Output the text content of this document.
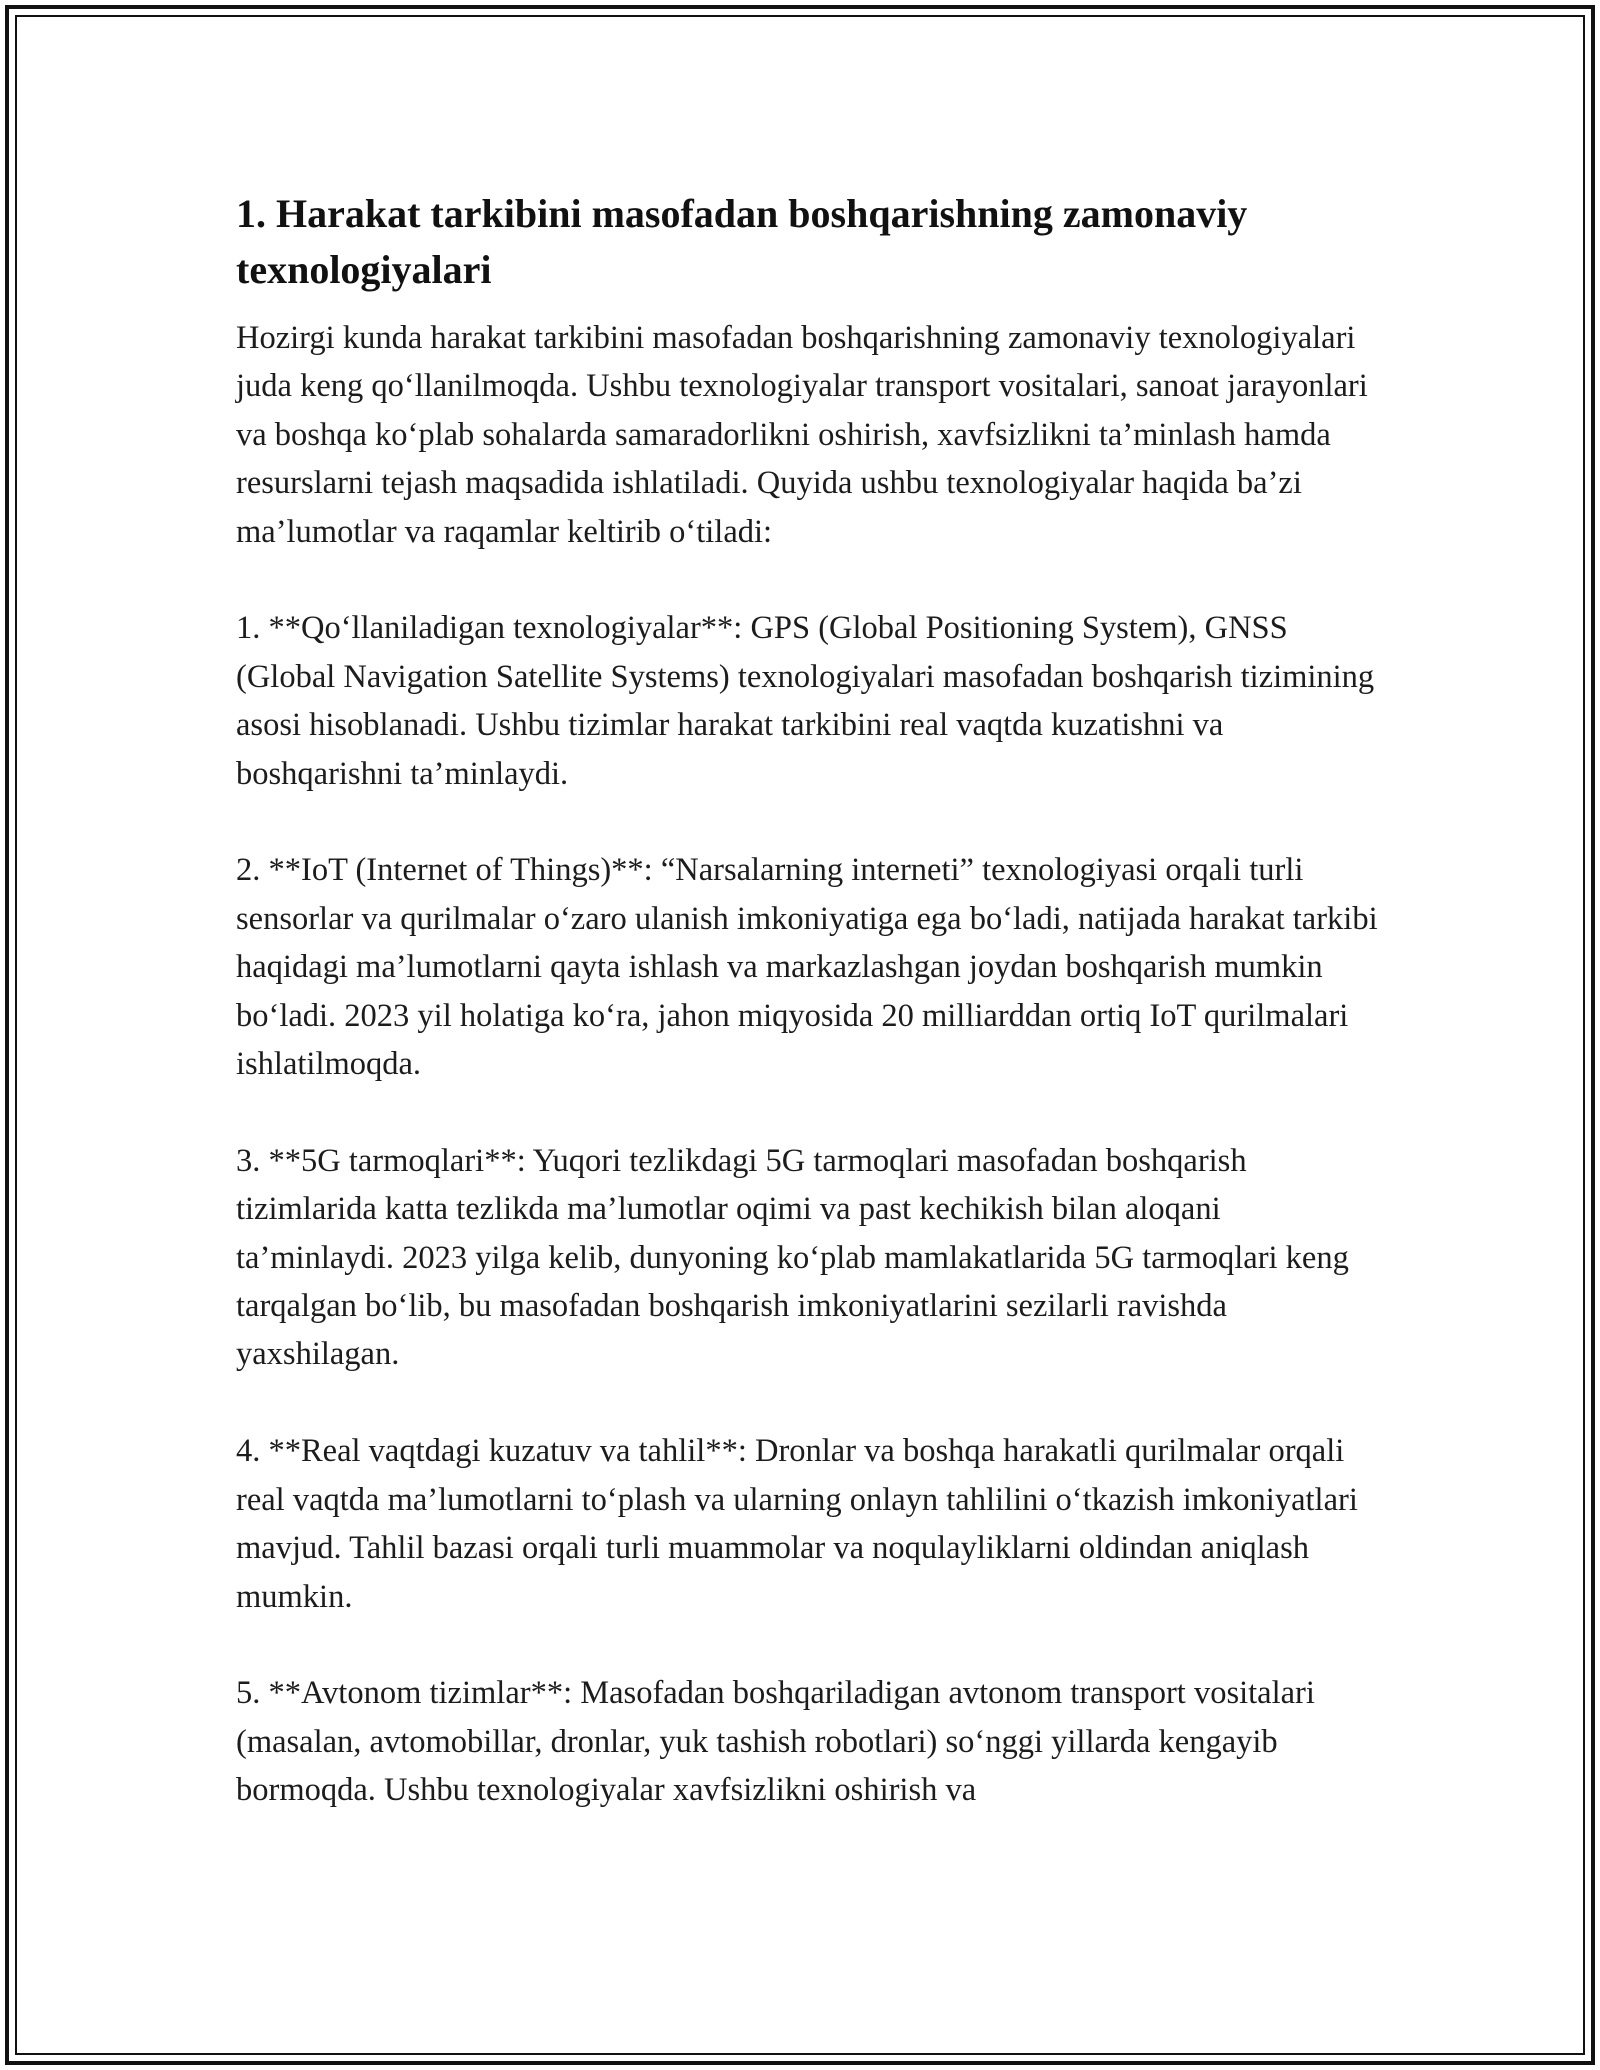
1. Harakat tarkibini masofadan boshqarishning zamonaviy texnologiyalari

Hozirgi kunda harakat tarkibini masofadan boshqarishning zamonaviy texnologiyalari juda keng qo‘llanilmoqda. Ushbu texnologiyalar transport vositalari, sanoat jarayonlari va boshqa ko‘plab sohalarda samaradorlikni oshirish, xavfsizlikni ta’minlash hamda resurslarni tejash maqsadida ishlatiladi. Quyida ushbu texnologiyalar haqida ba’zi ma’lumotlar va raqamlar keltirib o‘tiladi:

1. **Qo‘llaniladigan texnologiyalar**: GPS (Global Positioning System), GNSS (Global Navigation Satellite Systems) texnologiyalari masofadan boshqarish tizimining asosi hisoblanadi. Ushbu tizimlar harakat tarkibini real vaqtda kuzatishni va boshqarishni ta’minlaydi.

2. **IoT (Internet of Things)**: “Narsalarning interneti” texnologiyasi orqali turli sensorlar va qurilmalar o‘zaro ulanish imkoniyatiga ega bo‘ladi, natijada harakat tarkibi haqidagi ma’lumotlarni qayta ishlash va markazlashgan joydan boshqarish mumkin bo‘ladi. 2023 yil holatiga ko‘ra, jahon miqyosida 20 milliarddan ortiq IoT qurilmalari ishlatilmoqda.

3. **5G tarmoqlari**: Yuqori tezlikdagi 5G tarmoqlari masofadan boshqarish tizimlarida katta tezlikda ma’lumotlar oqimi va past kechikish bilan aloqani ta’minlaydi. 2023 yilga kelib, dunyoning ko‘plab mamlakatlarida 5G tarmoqlari keng tarqalgan bo‘lib, bu masofadan boshqarish imkoniyatlarini sezilarli ravishda yaxshilagan.

4. **Real vaqtdagi kuzatuv va tahlil**: Dronlar va boshqa harakatli qurilmalar orqali real vaqtda ma’lumotlarni to‘plash va ularning onlayn tahlilini o‘tkazish imkoniyatlari mavjud. Tahlil bazasi orqali turli muammolar va noqulayliklarni oldindan aniqlash mumkin.

5. **Avtonom tizimlar**: Masofadan boshqariladigan avtonom transport vositalari (masalan, avtomobillar, dronlar, yuk tashish robotlari) so‘nggi yillarda kengayib bormoqda. Ushbu texnologiyalar xavfsizlikni oshirish va
